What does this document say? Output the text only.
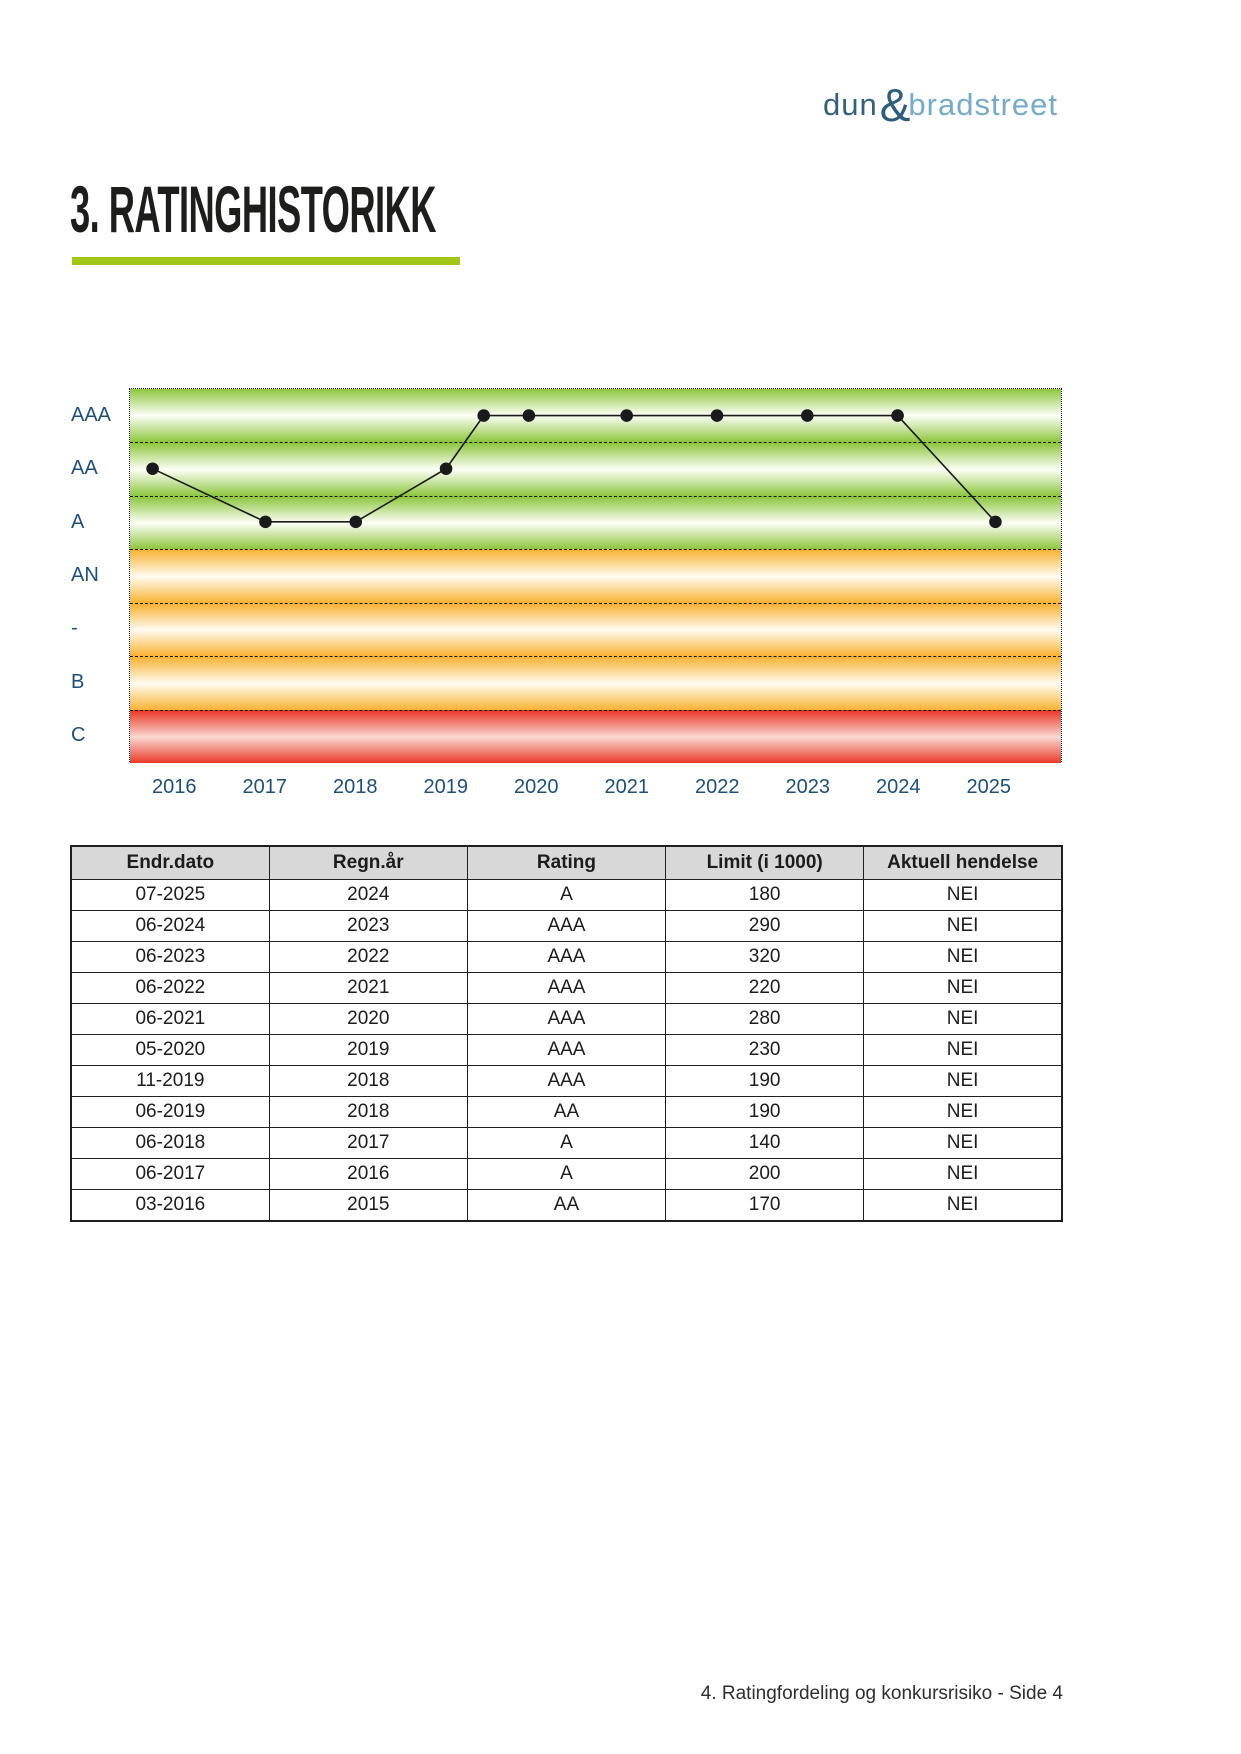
dun&bradstreet
3. RATINGHISTORIKK
AAA
AA
A
AN
-
B
C
2016 2017 2018 2019 2020 2021 2022 2023 2024 2025
Endr.dato	Regn.år	Rating	Limit (i 1000)	Aktuell hendelse
07-2025	2024	A	180	NEI
06-2024	2023	AAA	290	NEI
06-2023	2022	AAA	320	NEI
06-2022	2021	AAA	220	NEI
06-2021	2020	AAA	280	NEI
05-2020	2019	AAA	230	NEI
11-2019	2018	AAA	190	NEI
06-2019	2018	AA	190	NEI
06-2018	2017	A	140	NEI
06-2017	2016	A	200	NEI
03-2016	2015	AA	170	NEI
4. Ratingfordeling og konkursrisiko - Side 4
